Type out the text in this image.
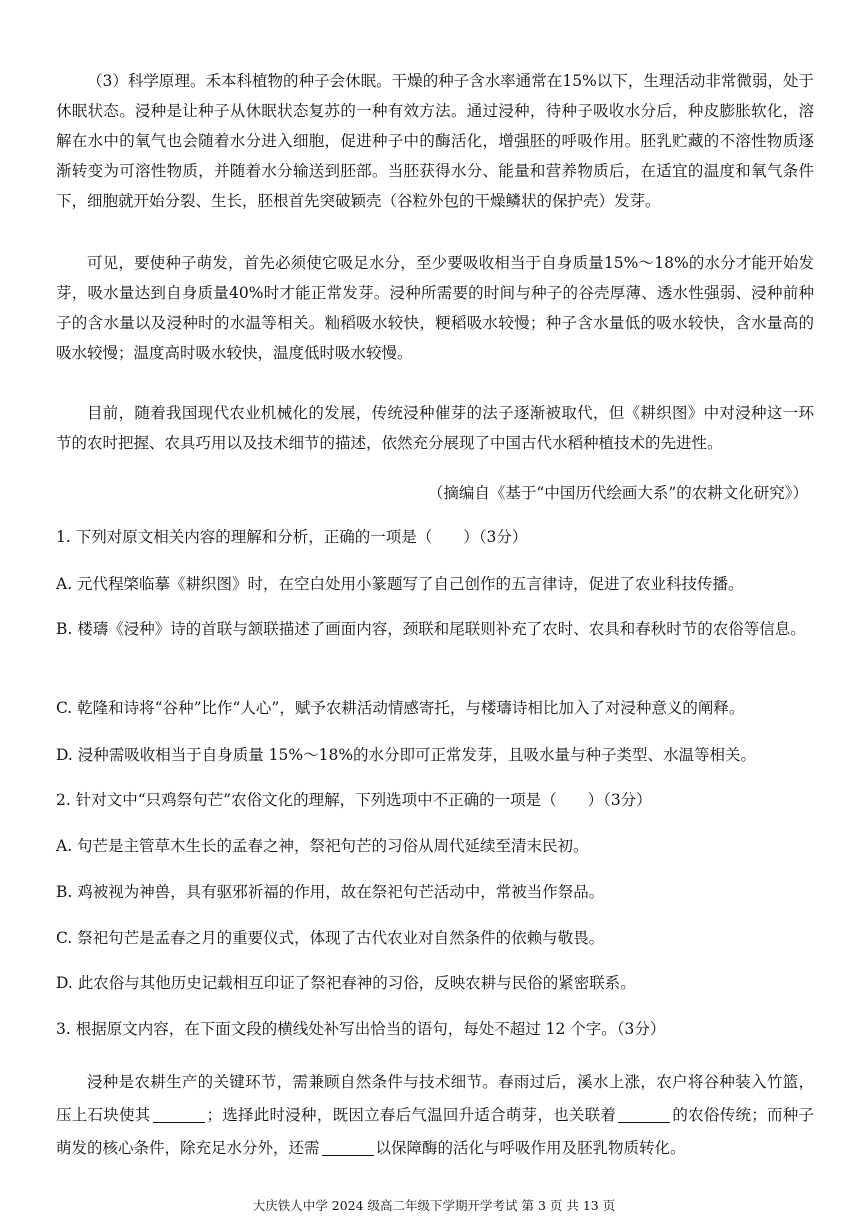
（3）科学原理。禾本科植物的种子会休眠。干燥的种子含水率通常在15%以下，生理活动非常微弱，处于休眠状态。浸种是让种子从休眠状态复苏的一种有效方法。通过浸种，待种子吸收水分后，种皮膨胀软化，溶解在水中的氧气也会随着水分进入细胞，促进种子中的酶活化，增强胚的呼吸作用。胚乳贮藏的不溶性物质逐渐转变为可溶性物质，并随着水分输送到胚部。当胚获得水分、能量和营养物质后，在适宜的温度和氧气条件下，细胞就开始分裂、生长，胚根首先突破颖壳（谷粒外包的干燥鳞状的保护壳）发芽。

可见，要使种子萌发，首先必须使它吸足水分，至少要吸收相当于自身质量15%～18%的水分才能开始发芽，吸水量达到自身质量40%时才能正常发芽。浸种所需要的时间与种子的谷壳厚薄、透水性强弱、浸种前种子的含水量以及浸种时的水温等相关。籼稻吸水较快，粳稻吸水较慢；种子含水量低的吸水较快，含水量高的吸水较慢；温度高时吸水较快，温度低时吸水较慢。

目前，随着我国现代农业机械化的发展，传统浸种催芽的法子逐渐被取代，但《耕织图》中对浸种这一环节的农时把握、农具巧用以及技术细节的描述，依然充分展现了中国古代水稻种植技术的先进性。

（摘编自《基于“中国历代绘画大系”的农耕文化研究》）

1. 下列对原文相关内容的理解和分析，正确的一项是（　　）（3分）

A. 元代程棨临摹《耕织图》时，在空白处用小篆题写了自己创作的五言律诗，促进了农业科技传播。

B. 楼璹《浸种》诗的首联与颔联描述了画面内容，颈联和尾联则补充了农时、农具和春秋时节的农俗等信息。

C. 乾隆和诗将“谷种”比作“人心”，赋予农耕活动情感寄托，与楼璹诗相比加入了对浸种意义的阐释。

D. 浸种需吸收相当于自身质量 15%～18%的水分即可正常发芽，且吸水量与种子类型、水温等相关。

2. 针对文中“只鸡祭句芒”农俗文化的理解，下列选项中不正确的一项是（　　）（3分）

A. 句芒是主管草木生长的孟春之神，祭祀句芒的习俗从周代延续至清末民初。

B. 鸡被视为神兽，具有驱邪祈福的作用，故在祭祀句芒活动中，常被当作祭品。

C. 祭祀句芒是孟春之月的重要仪式，体现了古代农业对自然条件的依赖与敬畏。

D. 此农俗与其他历史记载相互印证了祭祀春神的习俗，反映农耕与民俗的紧密联系。

3. 根据原文内容，在下面文段的横线处补写出恰当的语句，每处不超过 12 个字。（3分）

浸种是农耕生产的关键环节，需兼顾自然条件与技术细节。春雨过后，溪水上涨，农户将谷种装入竹篮，压上石块使其	；选择此时浸种，既因立春后气温回升适合萌芽，也关联着	的农俗传统；而种子萌发的核心条件，除充足水分外，还需	以保障酶的活化与呼吸作用及胚乳物质转化。

大庆铁人中学 2024 级高二年级下学期开学考试 第 3 页 共 13 页
